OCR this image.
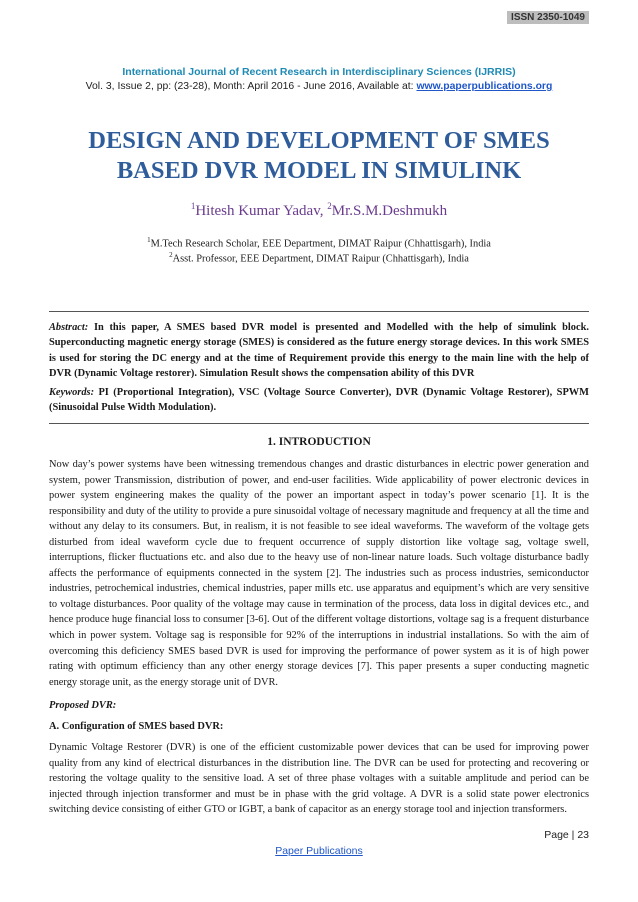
ISSN 2350-1049
International Journal of Recent Research in Interdisciplinary Sciences (IJRRIS)
Vol. 3, Issue 2, pp: (23-28), Month: April 2016 - June 2016, Available at: www.paperpublications.org
DESIGN AND DEVELOPMENT OF SMES
BASED DVR MODEL IN SIMULINK
$^1$Hitesh Kumar Yadav, $^2$Mr.S.M.Deshmukh
$^1$M.Tech Research Scholar, EEE Department, DIMAT Raipur (Chhattisgarh), India
$^2$Asst. Professor, EEE Department, DIMAT Raipur (Chhattisgarh), India
Abstract: In this paper, A SMES based DVR model is presented and Modelled with the help of simulink block. Superconducting magnetic energy storage (SMES) is considered as the future energy storage devices. In this work SMES is used for storing the DC energy and at the time of Requirement provide this energy to the main line with the help of DVR (Dynamic Voltage restorer). Simulation Result shows the compensation ability of this DVR
Keywords: PI (Proportional Integration), VSC (Voltage Source Converter), DVR (Dynamic Voltage Restorer), SPWM (Sinusoidal Pulse Width Modulation).
1. INTRODUCTION
Now day’s power systems have been witnessing tremendous changes and drastic disturbances in electric power generation and system, power Transmission, distribution of power, and end-user facilities. Wide applicability of power electronic devices in power system engineering makes the quality of the power an important aspect in today’s power scenario [1]. It is the responsibility and duty of the utility to provide a pure sinusoidal voltage of necessary magnitude and frequency at all the time and without any delay to its consumers. But, in realism, it is not feasible to see ideal waveforms. The waveform of the voltage gets disturbed from ideal waveform cycle due to frequent occurrence of supply distortion like voltage sag, voltage swell, interruptions, flicker fluctuations etc. and also due to the heavy use of non-linear nature loads. Such voltage disturbance badly affects the performance of equipments connected in the system [2]. The industries such as process industries, semiconductor industries, petrochemical industries, chemical industries, paper mills etc. use apparatus and equipment’s which are very sensitive to voltage disturbances. Poor quality of the voltage may cause in termination of the process, data loss in digital devices etc., and hence produce huge financial loss to consumer [3-6]. Out of the different voltage distortions, voltage sag is a frequent disturbance which in power system. Voltage sag is responsible for 92% of the interruptions in industrial installations. So with the aim of overcoming this deficiency SMES based DVR is used for improving the performance of power system as it is of high power rating with optimum efficiency than any other energy storage devices [7]. This paper presents a super conducting magnetic energy storage unit, as the energy storage unit of DVR.
Proposed DVR:
A. Configuration of SMES based DVR:
Dynamic Voltage Restorer (DVR) is one of the efficient customizable power devices that can be used for improving power quality from any kind of electrical disturbances in the distribution line. The DVR can be used for protecting and recovering or restoring the voltage quality to the sensitive load. A set of three phase voltages with a suitable amplitude and period can be injected through injection transformer and must be in phase with the grid voltage. A DVR is a solid state power electronics switching device consisting of either GTO or IGBT, a bank of capacitor as an energy storage tool and injection transformers.
Page | 23
Paper Publications
